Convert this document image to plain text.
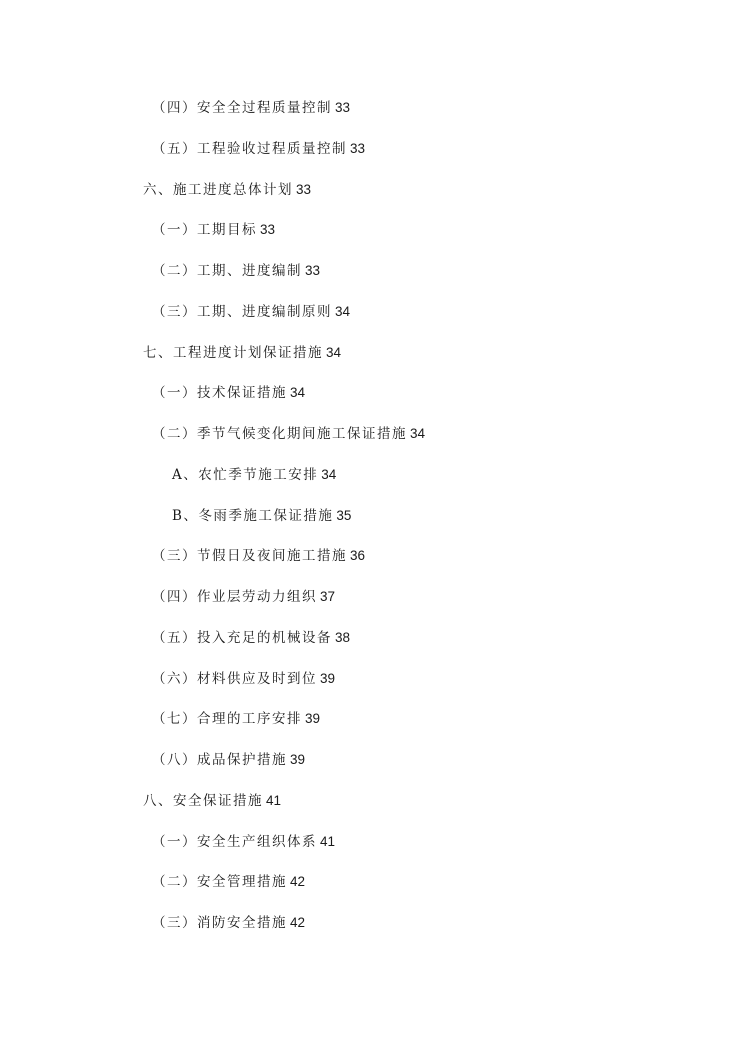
（四）安全全过程质量控制 33
（五）工程验收过程质量控制 33
六、施工进度总体计划 33
（一）工期目标 33
（二）工期、进度编制 33
（三）工期、进度编制原则 34
七、工程进度计划保证措施 34
（一）技术保证措施 34
（二）季节气候变化期间施工保证措施 34
A、农忙季节施工安排 34
B、冬雨季施工保证措施 35
（三）节假日及夜间施工措施 36
（四）作业层劳动力组织 37
（五）投入充足的机械设备 38
（六）材料供应及时到位 39
（七）合理的工序安排 39
（八）成品保护措施 39
八、安全保证措施 41
（一）安全生产组织体系 41
（二）安全管理措施 42
（三）消防安全措施 42
